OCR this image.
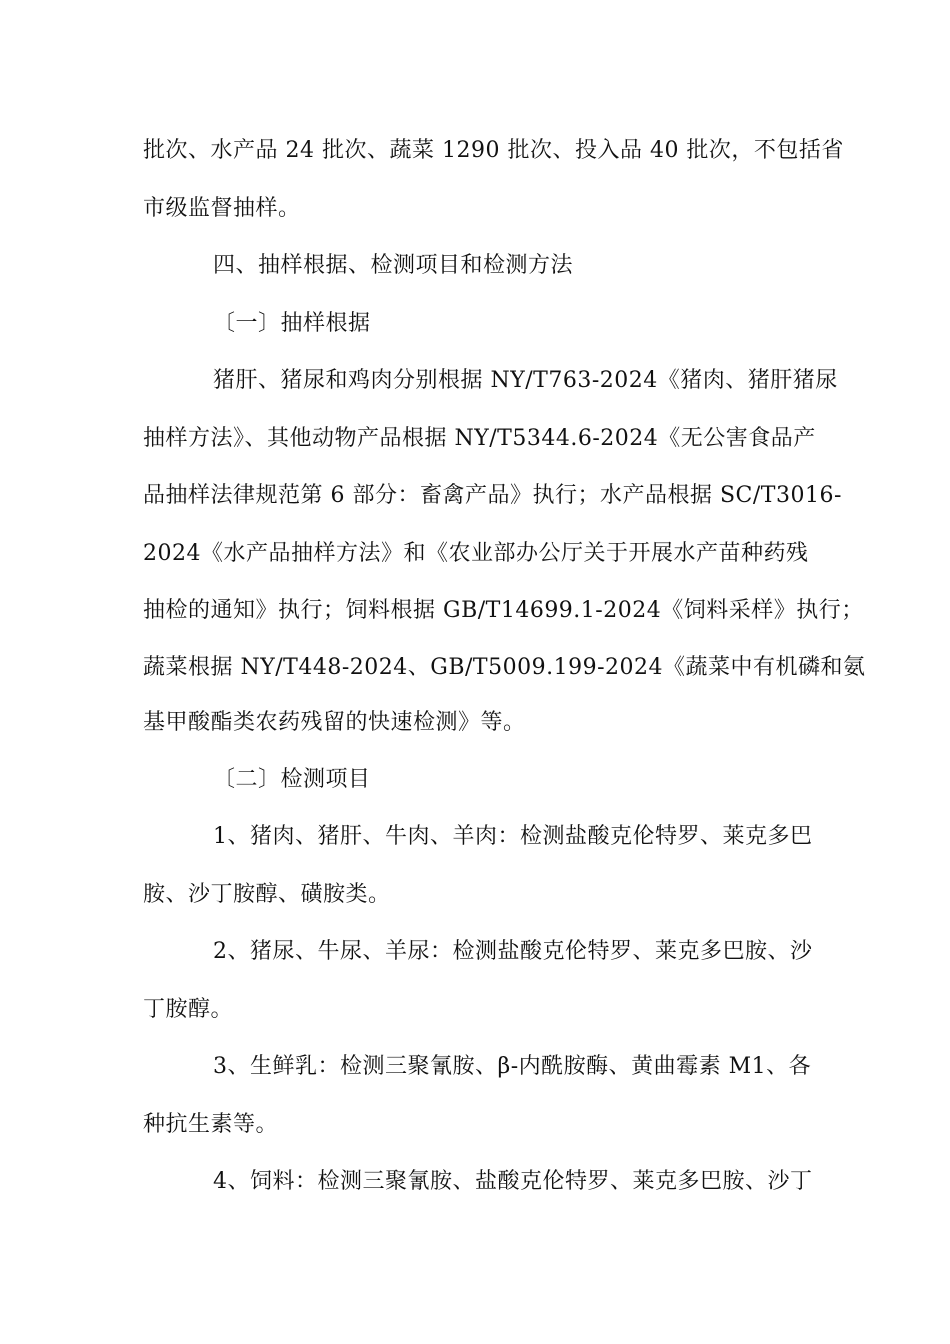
批次、水产品 24 批次、蔬菜 1290 批次、投入品 40 批次，不包括省
市级监督抽样。
四、抽样根据、检测项目和检测方法
〔一〕抽样根据
猪肝、猪尿和鸡肉分别根据 NY/T763-2024《猪肉、猪肝猪尿
抽样方法》、其他动物产品根据 NY/T5344.6-2024《无公害食品产
品抽样法律规范第 6 部分：畜禽产品》执行；水产品根据 SC/T3016-
2024《水产品抽样方法》和《农业部办公厅关于开展水产苗种药残
抽检的通知》执行；饲料根据 GB/T14699.1-2024《饲料采样》执行；
蔬菜根据 NY/T448-2024、GB/T5009.199-2024《蔬菜中有机磷和氨
基甲酸酯类农药残留的快速检测》等。
〔二〕检测项目
1、猪肉、猪肝、牛肉、羊肉：检测盐酸克伦特罗、莱克多巴
胺、沙丁胺醇、磺胺类。
2、猪尿、牛尿、羊尿：检测盐酸克伦特罗、莱克多巴胺、沙
丁胺醇。
3、生鲜乳：检测三聚氰胺、β-内酰胺酶、黄曲霉素 M1、各
种抗生素等。
4、饲料：检测三聚氰胺、盐酸克伦特罗、莱克多巴胺、沙丁
